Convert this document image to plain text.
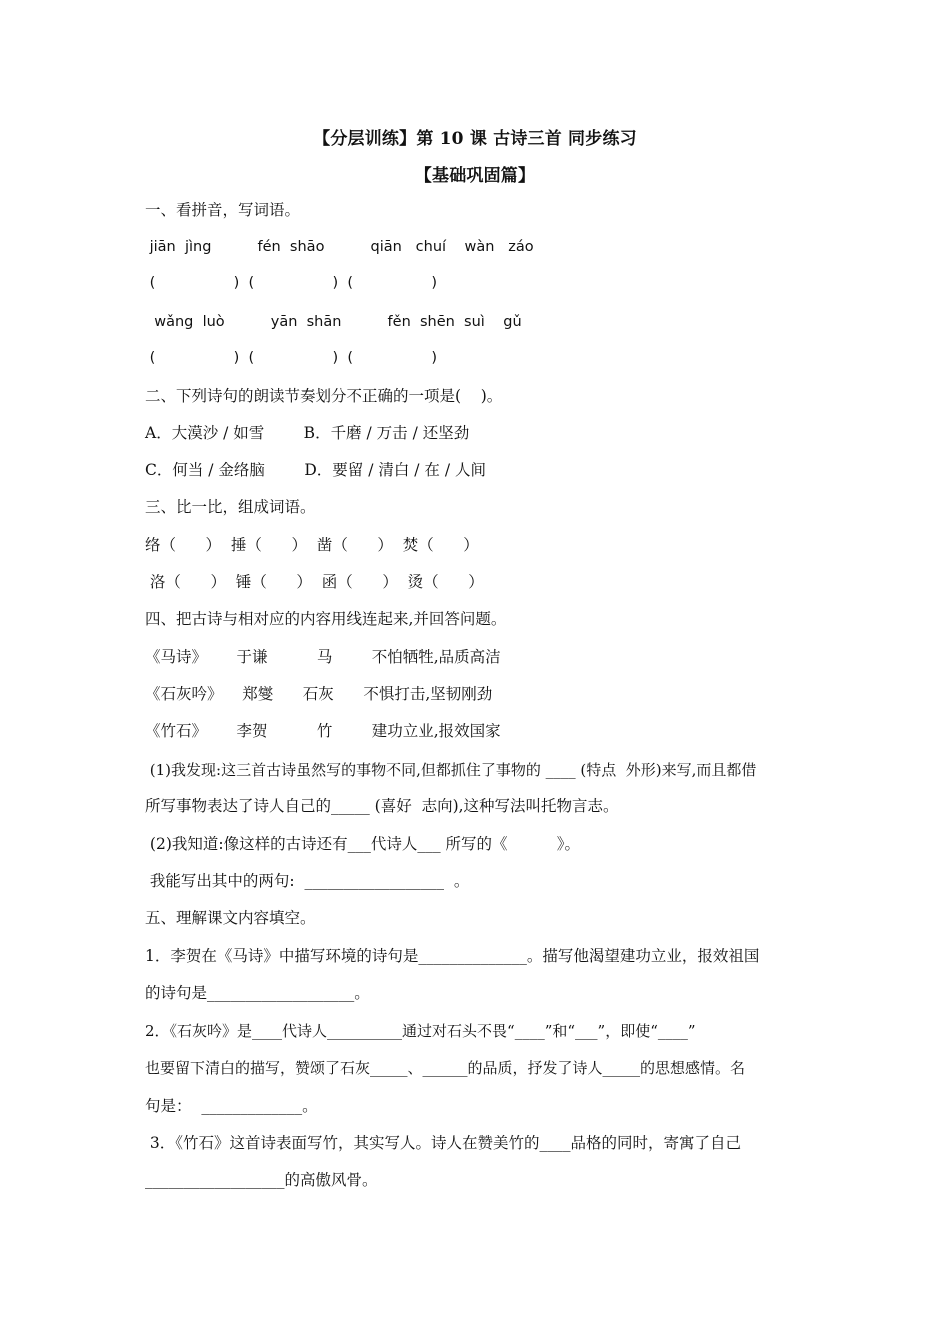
【分层训练】第 10 课 古诗三首 同步练习
【基础巩固篇】
一、看拼音，写词语。
jiān  jìng          fén  shāo          qiān   chuí    wàn   záo
(                 )  (                 )  (                 )
wǎng  luò          yān  shān          fěn  shēn  suì    gǔ
(                 )  (                 )  (                 )
二、下列诗句的朗读节奏划分不正确的一项是(    )。
A．大漠沙 / 如雪        B．千磨 / 万击 / 还坚劲
C．何当 / 金络脑        D．要留 / 清白 / 在 / 人间
三、比一比，组成词语。
络（      ）  捶（      ）  凿（      ）  焚（      ）
洛（      ）  锤（      ）  函（      ）  烫（      ）
四、把古诗与相对应的内容用线连起来,并回答问题。
《马诗》      于谦          马        不怕牺牲,品质高洁
《石灰吟》    郑燮      石灰      不惧打击,坚韧刚劲
《竹石》      李贺          竹        建功立业,报效国家
(1)我发现:这三首古诗虽然写的事物不同,但都抓住了事物的 ____ (特点  外形)来写,而且都借
所写事物表达了诗人自己的_____ (喜好  志向),这种写法叫托物言志。
(2)我知道:像这样的古诗还有___代诗人___ 所写的《          》。
我能写出其中的两句:  __________________  。
五、理解课文内容填空。
1．李贺在《马诗》中描写环境的诗句是______________。描写他渴望建功立业，报效祖国
的诗句是___________________。
2．《石灰吟》是____代诗人__________通过对石头不畏“____”和“___”，即使“____”
也要留下清白的描写，赞颂了石灰_____、______的品质，抒发了诗人_____的思想感情。名
句是：  _____________。
3．《竹石》这首诗表面写竹，其实写人。诗人在赞美竹的____品格的同时，寄寓了自己
__________________的高傲风骨。
